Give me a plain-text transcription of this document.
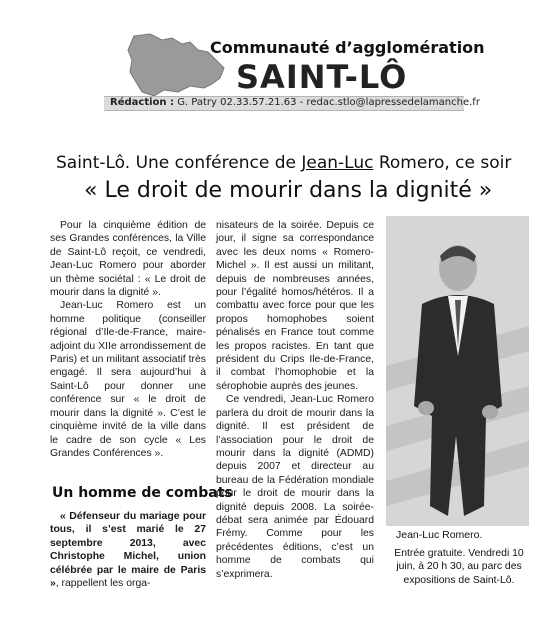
Communauté d’agglomération
SAINT-LÔ
Rédaction : G. Patry 02.33.57.21.63 - redac.stlo@lapressedelamanche.fr
Saint-Lô. Une conférence de Jean-Luc Romero, ce soir
« Le droit de mourir dans la dignité »

Pour la cinquième édition de ses Grandes conférences, la Ville de Saint-Lô reçoit, ce vendredi, Jean-Luc Romero pour aborder un thème sociétal : « Le droit de mourir dans la dignité ».

Jean-Luc Romero est un homme politique (conseiller régional d’Ile-de-France, maire-adjoint du XIIe arrondissement de Paris) et un militant associatif très engagé. Il sera aujourd’hui à Saint-Lô pour donner une conférence sur « le droit de mourir dans la dignité ». C’est le cinquième invité de la ville dans le cadre de son cycle « Les Grandes Conférences ».

Un homme de combats

« Défenseur du mariage pour tous, il s’est marié le 27 septembre 2013, avec Christophe Michel, union célébrée par le maire de Paris », rappellent les orga-

nisateurs de la soirée. Depuis ce jour, il signe sa correspondance avec les deux noms « Romero-Michel ». Il est aussi un militant, depuis de nombreuses années, pour l’égalité homos/hétéros. Il a combattu avec force pour que les propos homophobes soient pénalisés en France tout comme les propos racistes. En tant que président du Crips Ile-de-France, il combat l’homophobie et la sérophobie auprès des jeunes.

Ce vendredi, Jean-Luc Romero parlera du droit de mourir dans la dignité. Il est président de l’association pour le droit de mourir dans la dignité (ADMD) depuis 2007 et directeur au bureau de la Fédération mondiale pour le droit de mourir dans la dignité depuis 2008. La soirée-débat sera animée par Édouard Frémy. Comme pour les précédentes éditions, c’est un homme de combats qui s’exprimera.

Jean-Luc Romero.

Entrée gratuite. Vendredi 10 juin, à 20 h 30, au parc des expositions de Saint-Lô.
